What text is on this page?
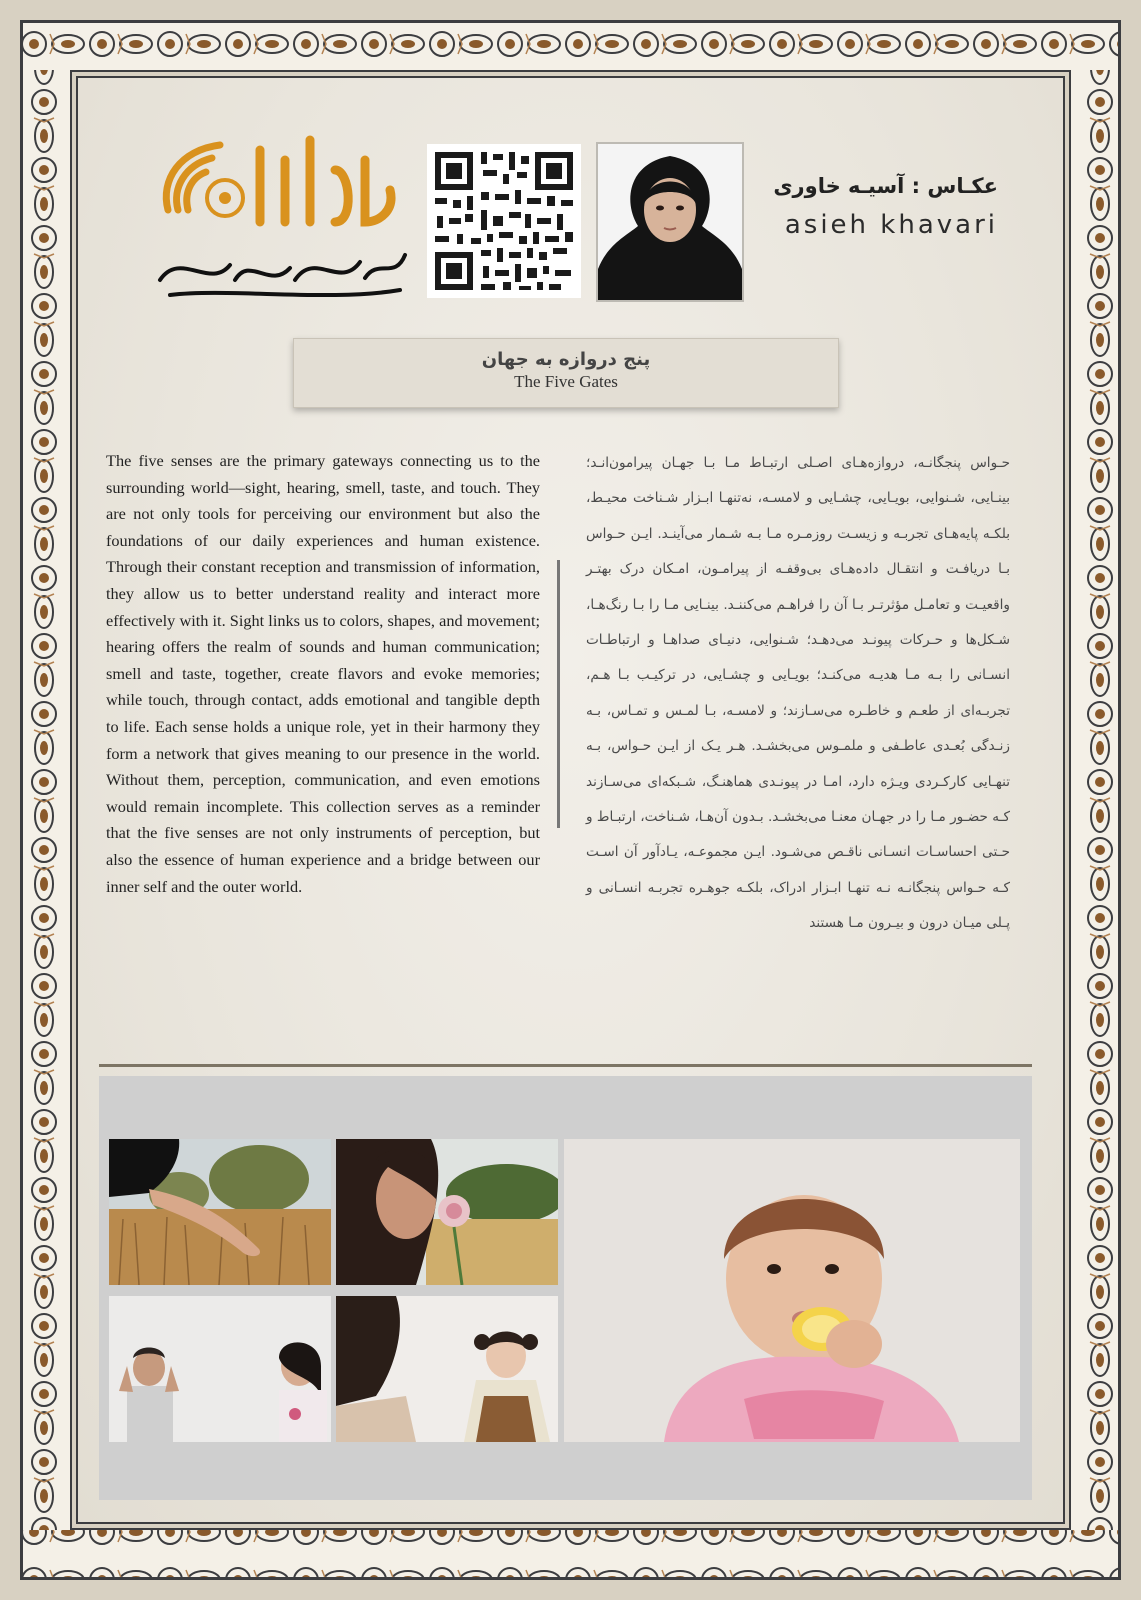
عکـاس : آسیـه خاوری
asieh khavari
پنج دروازه به جهان
The Five Gates
The five senses are the primary gateways connecting us to the surrounding world—sight, hearing, smell, taste, and touch. They are not only tools for perceiving our environment but also the foundations of our daily experiences and human existence. Through their constant reception and transmission of information, they allow us to better understand reality and interact more effectively with it. Sight links us to colors, shapes, and movement; hearing offers the realm of sounds and human communication; smell and taste, together, create flavors and evoke memories; while touch, through contact, adds emotional and tangible depth to life. Each sense holds a unique role, yet in their harmony they form a network that gives meaning to our presence in the world. Without them, perception, communication, and even emotions would remain incomplete. This collection serves as a reminder that the five senses are not only instruments of perception, but also the essence of human experience and a bridge between our inner self and the outer world.
حـواس پنجگانـه، دروازه‌هـای اصـلی ارتبـاط مـا بـا جهـان پیرامون‌انـد؛ بینـایی، شـنوایی، بویـایی، چشـایی و لامسـه، نه‌تنهـا ابـزار شـناخت محیـط، بلکـه پایه‌هـای تجربـه و زیسـت روزمـره مـا بـه شـمار می‌آینـد. ایـن حـواس بـا دریافـت و انتقـال داده‌هـای بی‌وقفـه از پیرامـون، امـکان درک بهتـر واقعیـت و تعامـل مؤثرتـر بـا آن را فراهـم می‌کننـد. بینـایی مـا را بـا رنگ‌هـا، شـکل‌ها و حـرکات پیونـد می‌دهـد؛ شـنوایی، دنیـای صداهـا و ارتباطـات انسـانی را بـه مـا هدیـه می‌کنـد؛ بویـایی و چشـایی، در ترکیـب بـا هـم، تجربـه‌ای از طعـم و خاطـره می‌سـازند؛ و لامسـه، بـا لمـس و تمـاس، بـه زنـدگی بُعـدی عاطـفی و ملمـوس می‌بخشـد. هـر یـک از ایـن حـواس، بـه تنهـایی کارکـردی ویـژه دارد، امـا در پیونـدی هماهنـگ، شـبکه‌ای می‌سـازند کـه حضـور مـا را در جهـان معنـا می‌بخشـد. بـدون آن‌هـا، شـناخت، ارتبـاط و حـتی احساسـات انسـانی ناقـص می‌شـود. ایـن مجموعـه، یـادآور آن اسـت کـه حـواس پنجگانـه نـه تنهـا ابـزار ادراک، بلکـه جوهـره تجربـه انسـانی و پـلی میـان درون و بیـرون مـا هستند
